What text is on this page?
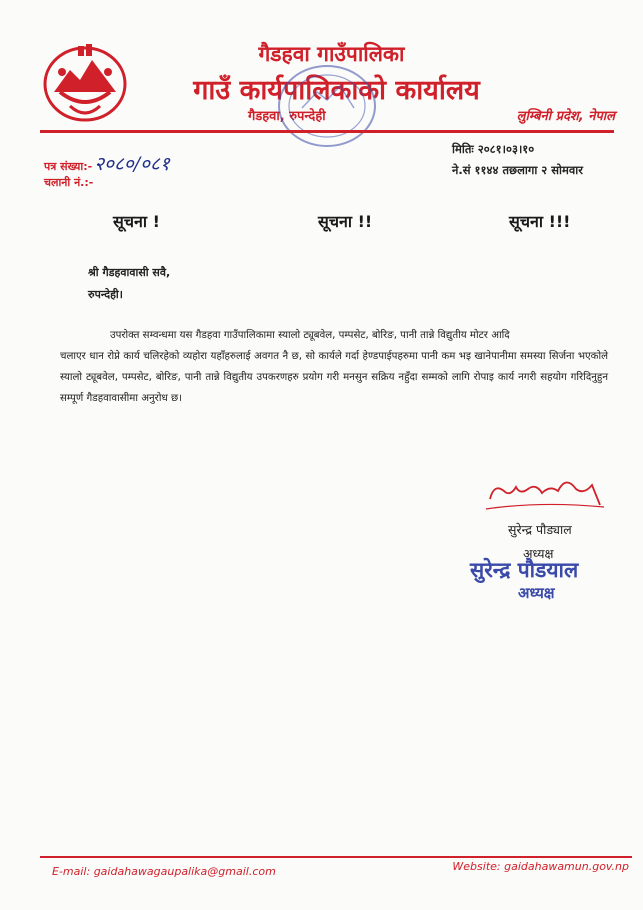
गैडहवा गाउँपालिका
गाउँ कार्यपालिकाको कार्यालय
गैडहवा, रुपन्देही	लुम्बिनी प्रदेश, नेपाल
पत्र संख्या:- २०८०/०८१
चलानी नं.:-
मितिः २०८१।०३।१०
ने.सं ११४४ तछलागा २ सोमवार
सूचना !	सूचना !!	सूचना !!!
श्री गैडहवावासी सवै,
रुपन्देही।
उपरोक्त सम्वन्धमा यस गैडहवा गाउँपालिकामा स्यालो ट्यूबवेल, पम्पसेट, बोरिङ, पानी तान्ने विद्युतीय मोटर आदि
चलाएर धान रोप्ने कार्य चलिरहेको व्यहोरा यहाँहरुलाई अवगत नै छ, सो कार्यले गर्दा हेण्डपाईपहरुमा पानी कम भइ खानेपानीमा समस्या सिर्जना भएकोले स्यालो ट्यूबवेल, पम्पसेट, बोरिङ, पानी तान्ने विद्युतीय उपकरणहरु प्रयोग गरी मनसुन सक्रिय नहुँदा सम्मको लागि रोपाइ कार्य नगरी सहयोग गरिदिनुहुन सम्पूर्ण गैडहवावासीमा अनुरोध छ।
सुरेन्द्र पौड्याल
अध्यक्ष
सुरेन्द्र पौडयाल
अध्यक्ष
E-mail: gaidahawagaupalika@gmail.com	Website: gaidahawamun.gov.np
